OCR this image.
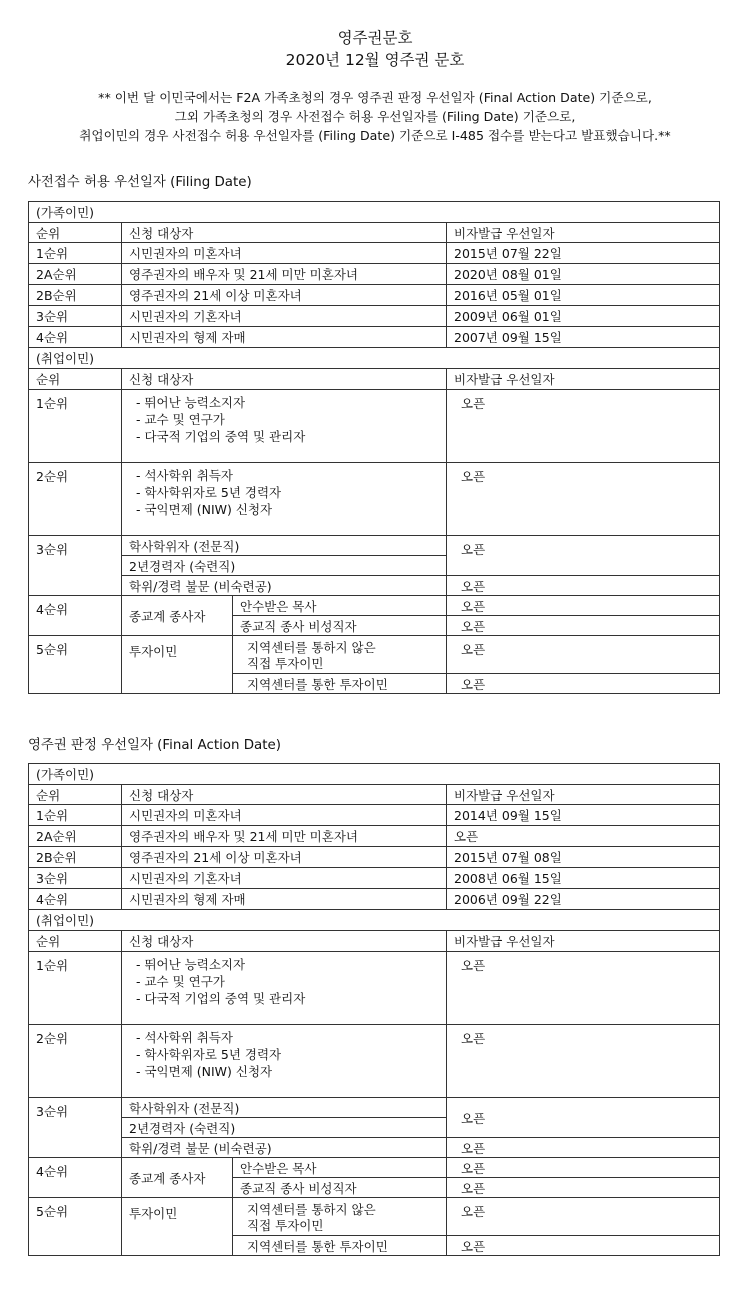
영주권문호
2020년 12월 영주권 문호
** 이번 달 이민국에서는 F2A 가족초청의 경우 영주권 판정 우선일자 (Final Action Date) 기준으로,
그외 가족초청의 경우 사전접수 허용 우선일자를 (Filing Date) 기준으로,
취업이민의 경우 사전접수 허용 우선일자를 (Filing Date) 기준으로 I-485 접수를 받는다고 발표했습니다.**
사전접수 허용 우선일자 (Filing Date)
(가족이민)			
순위	신청 대상자		비자발급 우선일자
1순위	시민권자의 미혼자녀		2015년 07월 22일
2A순위	영주권자의 배우자 및 21세 미만 미혼자녀		2020년 08월 01일
2B순위	영주권자의 21세 이상 미혼자녀		2016년 05월 01일
3순위	시민권자의 기혼자녀		2009년 06월 01일
4순위	시민권자의 형제 자매		2007년 09월 15일
(취업이민)			
순위	신청 대상자		비자발급 우선일자
1순위	- 뛰어난 능력소지자
- 교수 및 연구가
- 다국적 기업의 중역 및 관리자		오픈
2순위	- 석사학위 취득자
- 학사학위자로 5년 경력자
- 국익면제 (NIW) 신청자		오픈
3순위	학사학위자 (전문직)		오픈
	2년경력자 (숙련직)		
	학위/경력 불문 (비숙련공)		오픈
4순위	종교계 종사자	안수받은 목사	오픈
		종교직 종사 비성직자	오픈
5순위	투자이민	지역센터를 통하지 않은
직접 투자이민	오픈
		지역센터를 통한 투자이민	오픈
영주권 판정 우선일자 (Final Action Date)
(가족이민)			
순위	신청 대상자		비자발급 우선일자
1순위	시민권자의 미혼자녀		2014년 09월 15일
2A순위	영주권자의 배우자 및 21세 미만 미혼자녀		오픈
2B순위	영주권자의 21세 이상 미혼자녀		2015년 07월 08일
3순위	시민권자의 기혼자녀		2008년 06월 15일
4순위	시민권자의 형제 자매		2006년 09월 22일
(취업이민)			
순위	신청 대상자		비자발급 우선일자
1순위	- 뛰어난 능력소지자
- 교수 및 연구가
- 다국적 기업의 중역 및 관리자		오픈
2순위	- 석사학위 취득자
- 학사학위자로 5년 경력자
- 국익면제 (NIW) 신청자		오픈
3순위	학사학위자 (전문직)		오픈
	2년경력자 (숙련직)		
	학위/경력 불문 (비숙련공)		오픈
4순위	종교계 종사자	안수받은 목사	오픈
		종교직 종사 비성직자	오픈
5순위	투자이민	지역센터를 통하지 않은
직접 투자이민	오픈
		지역센터를 통한 투자이민	오픈
